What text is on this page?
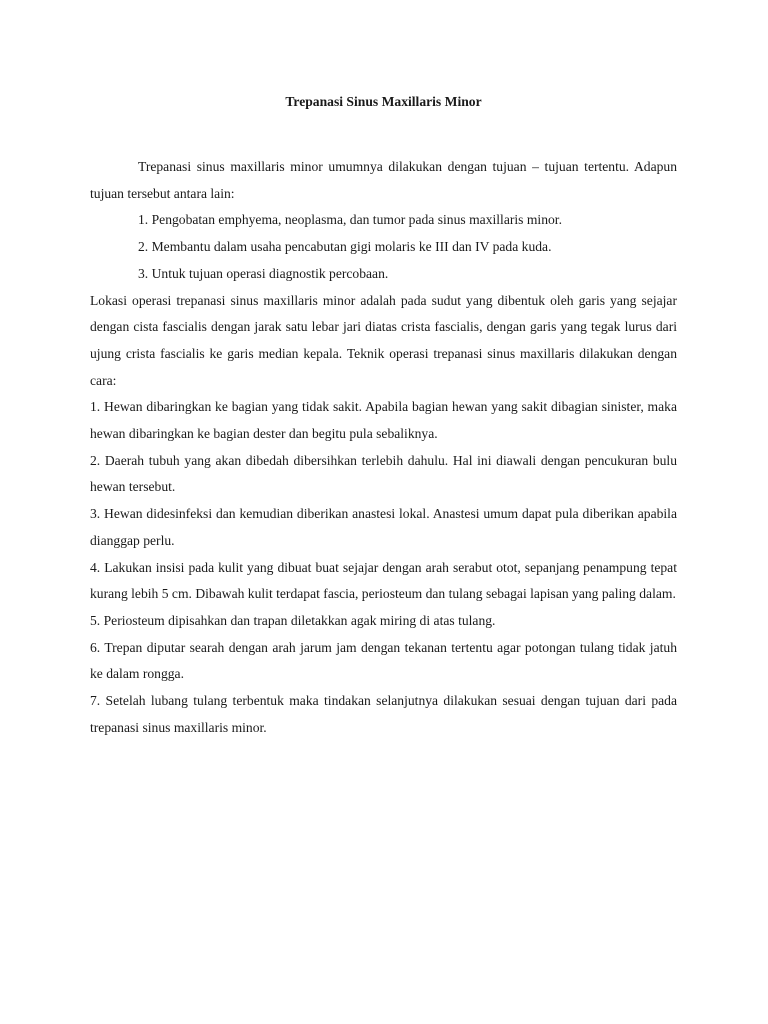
Trepanasi Sinus Maxillaris Minor

Trepanasi sinus maxillaris minor umumnya dilakukan dengan tujuan – tujuan tertentu. Adapun tujuan tersebut antara lain:

1. Pengobatan emphyema, neoplasma, dan tumor pada sinus maxillaris minor.
2. Membantu dalam usaha pencabutan gigi molaris ke III dan IV pada kuda.
3. Untuk tujuan operasi diagnostik percobaan.

Lokasi operasi trepanasi sinus maxillaris minor adalah pada sudut yang dibentuk oleh garis yang sejajar dengan cista fascialis dengan jarak satu lebar jari diatas crista fascialis, dengan garis yang tegak lurus dari ujung crista fascialis ke garis median kepala. Teknik operasi trepanasi sinus maxillaris dilakukan dengan cara:

1. Hewan dibaringkan ke bagian yang tidak sakit. Apabila bagian hewan yang sakit dibagian sinister, maka hewan dibaringkan ke bagian dester dan begitu pula sebaliknya.
2. Daerah tubuh yang akan dibedah dibersihkan terlebih dahulu. Hal ini diawali dengan pencukuran bulu hewan tersebut.
3. Hewan didesinfeksi dan kemudian diberikan anastesi lokal. Anastesi umum dapat pula diberikan apabila dianggap perlu.
4. Lakukan insisi pada kulit yang dibuat buat sejajar dengan arah serabut otot, sepanjang penampung tepat kurang lebih 5 cm. Dibawah kulit terdapat fascia, periosteum dan tulang sebagai lapisan yang paling dalam.
5. Periosteum dipisahkan dan trapan diletakkan agak miring di atas tulang.
6. Trepan diputar searah dengan arah jarum jam dengan tekanan tertentu agar potongan tulang tidak jatuh ke dalam rongga.
7. Setelah lubang tulang terbentuk maka tindakan selanjutnya dilakukan sesuai dengan tujuan dari pada trepanasi sinus maxillaris minor.
